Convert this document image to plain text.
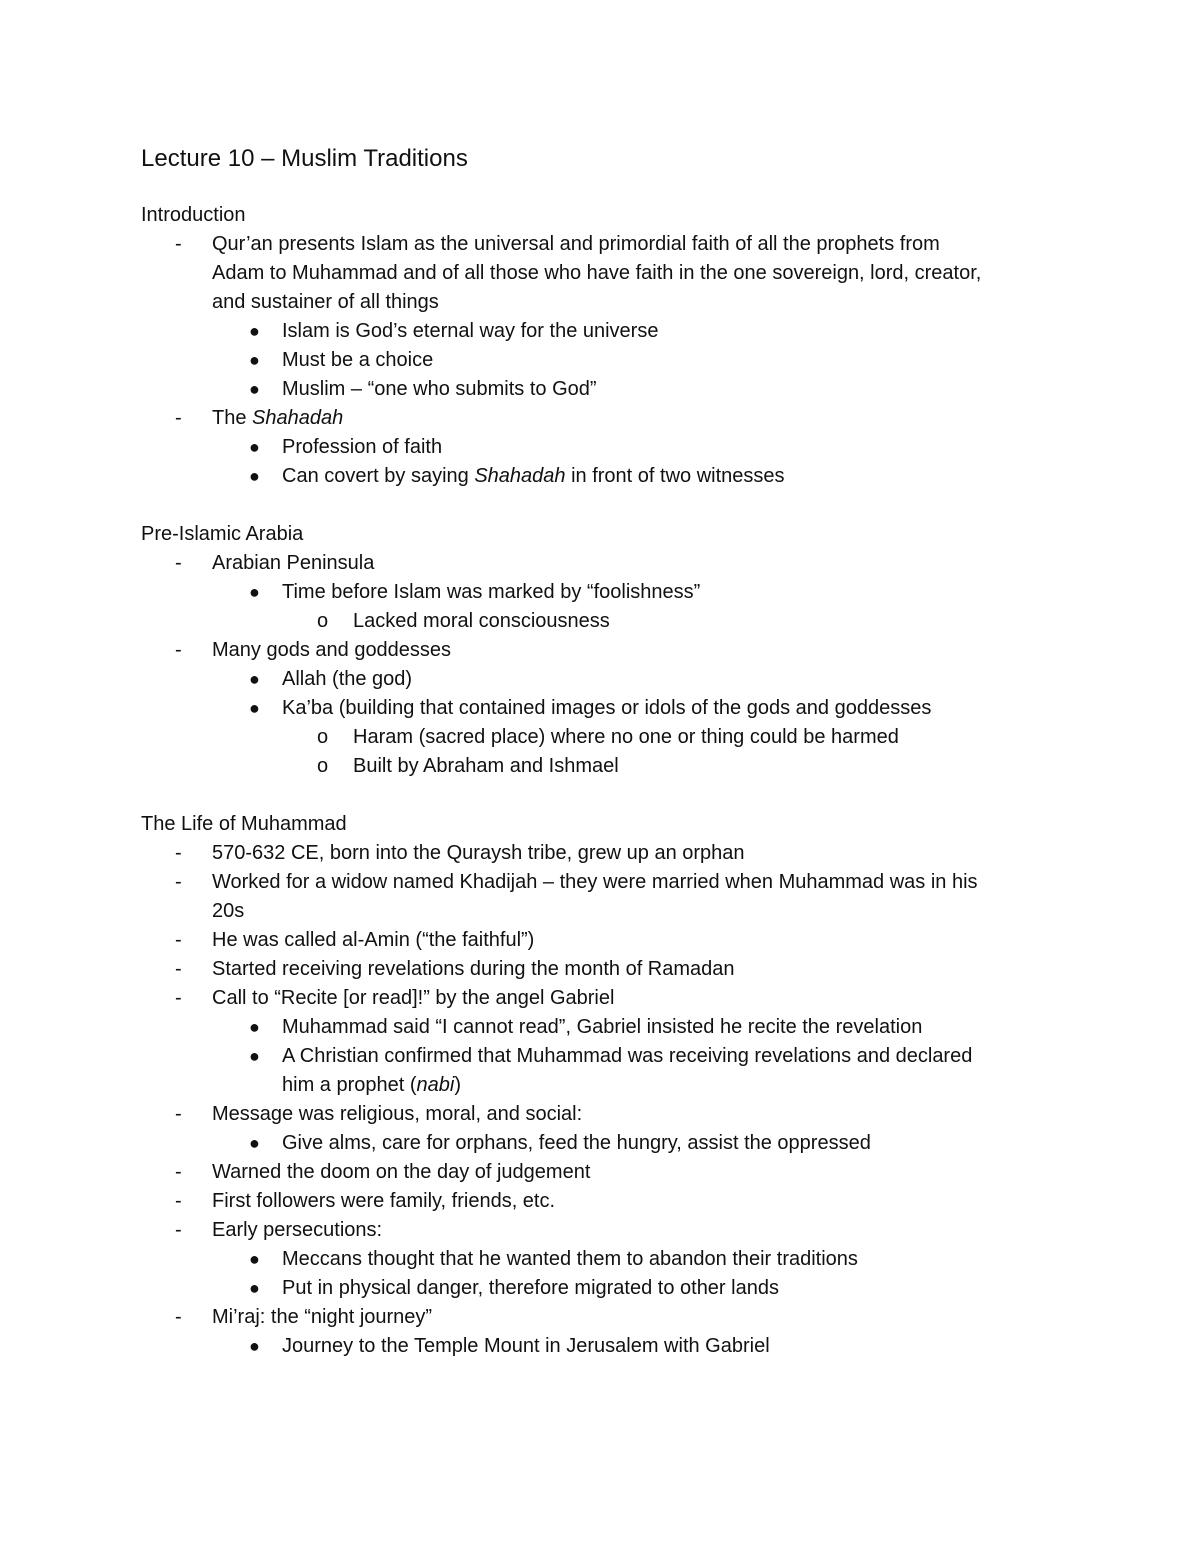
Lecture 10 – Muslim Traditions
Introduction
- Qur’an presents Islam as the universal and primordial faith of all the prophets from
Adam to Muhammad and of all those who have faith in the one sovereign, lord, creator,
and sustainer of all things
● Islam is God’s eternal way for the universe
● Must be a choice
● Muslim – “one who submits to God”
- The Shahadah
● Profession of faith
● Can covert by saying Shahadah in front of two witnesses
Pre-Islamic Arabia
- Arabian Peninsula
● Time before Islam was marked by “foolishness”
o Lacked moral consciousness
- Many gods and goddesses
● Allah (the god)
● Ka’ba (building that contained images or idols of the gods and goddesses
o Haram (sacred place) where no one or thing could be harmed
o Built by Abraham and Ishmael
The Life of Muhammad
- 570-632 CE, born into the Quraysh tribe, grew up an orphan
- Worked for a widow named Khadijah – they were married when Muhammad was in his
20s
- He was called al-Amin (“the faithful”)
- Started receiving revelations during the month of Ramadan
- Call to “Recite [or read]!” by the angel Gabriel
● Muhammad said “I cannot read”, Gabriel insisted he recite the revelation
● A Christian confirmed that Muhammad was receiving revelations and declared
him a prophet (nabi)
- Message was religious, moral, and social:
● Give alms, care for orphans, feed the hungry, assist the oppressed
- Warned the doom on the day of judgement
- First followers were family, friends, etc.
- Early persecutions:
● Meccans thought that he wanted them to abandon their traditions
● Put in physical danger, therefore migrated to other lands
- Mi’raj: the “night journey”
● Journey to the Temple Mount in Jerusalem with Gabriel
